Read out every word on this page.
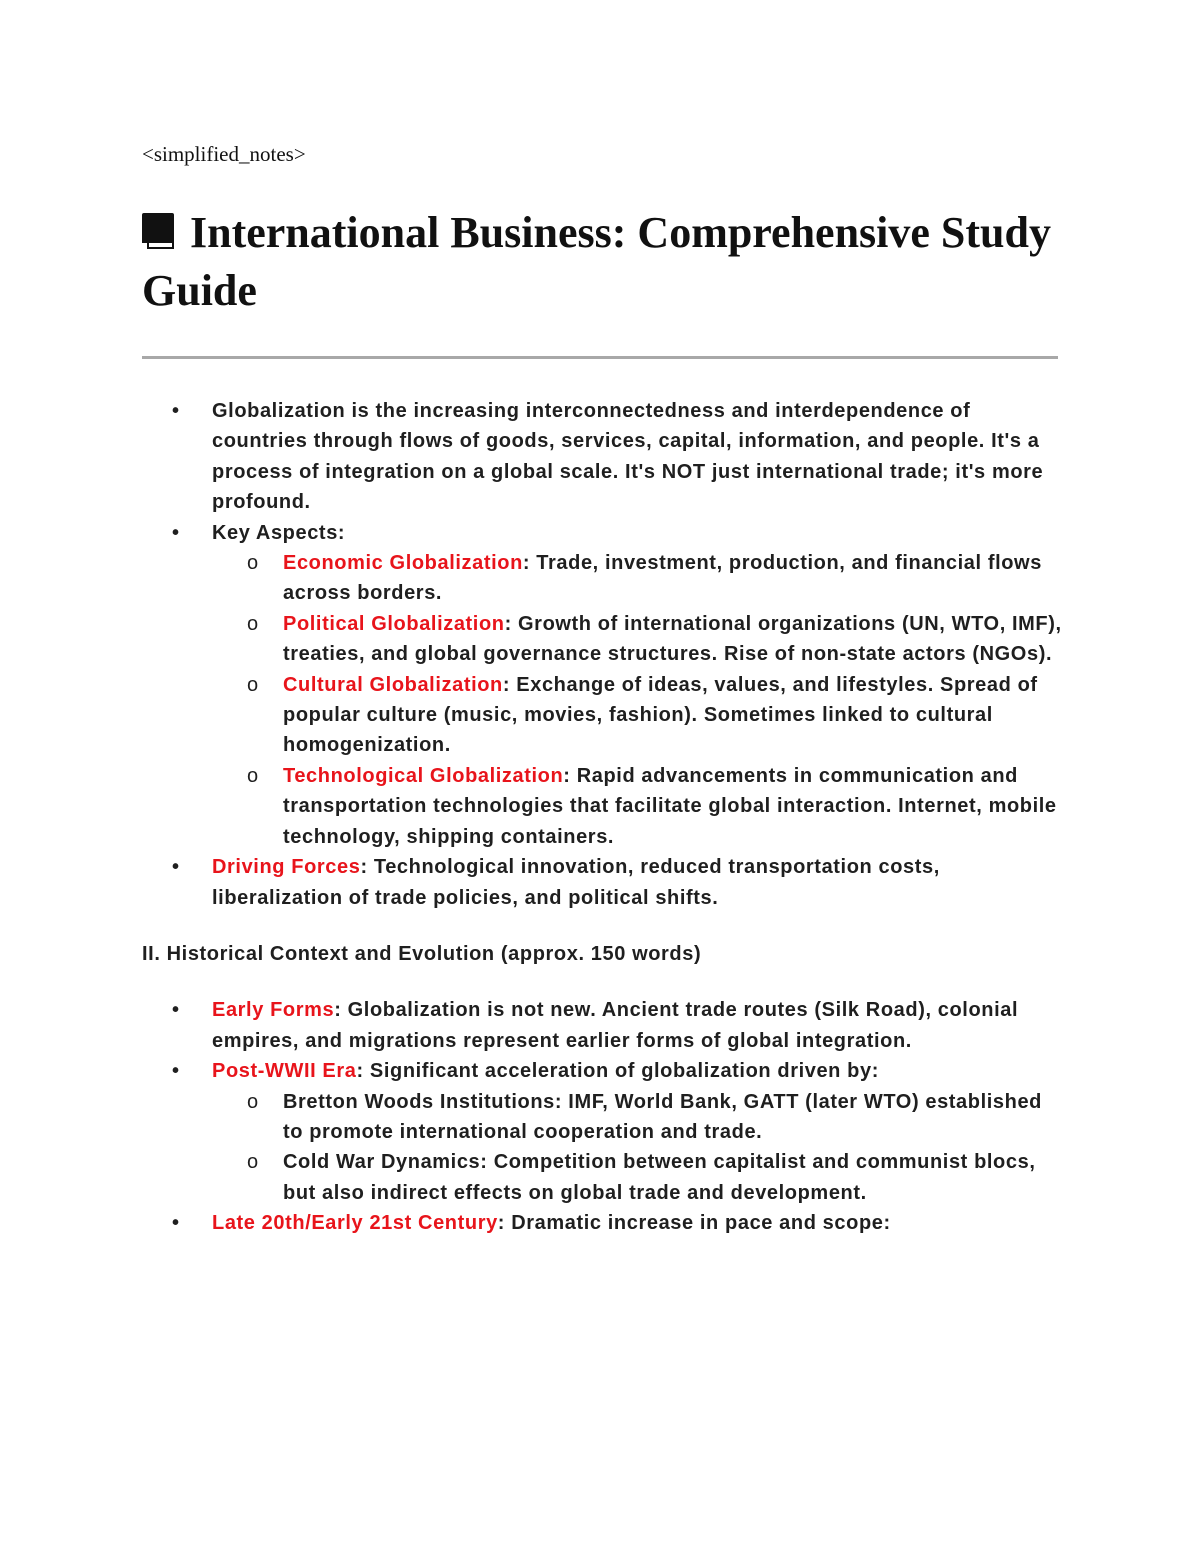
<simplified_notes>
International Business: Comprehensive Study Guide
• Globalization is the increasing interconnectedness and interdependence of countries through flows of goods, services, capital, information, and people. It's a process of integration on a global scale. It's NOT just international trade; it's more profound.
• Key Aspects:
o Economic Globalization: Trade, investment, production, and financial flows across borders.
o Political Globalization: Growth of international organizations (UN, WTO, IMF), treaties, and global governance structures. Rise of non-state actors (NGOs).
o Cultural Globalization: Exchange of ideas, values, and lifestyles. Spread of popular culture (music, movies, fashion). Sometimes linked to cultural homogenization.
o Technological Globalization: Rapid advancements in communication and transportation technologies that facilitate global interaction. Internet, mobile technology, shipping containers.
• Driving Forces: Technological innovation, reduced transportation costs, liberalization of trade policies, and political shifts.
II. Historical Context and Evolution (approx. 150 words)
• Early Forms: Globalization is not new. Ancient trade routes (Silk Road), colonial empires, and migrations represent earlier forms of global integration.
• Post-WWII Era: Significant acceleration of globalization driven by:
o Bretton Woods Institutions: IMF, World Bank, GATT (later WTO) established to promote international cooperation and trade.
o Cold War Dynamics: Competition between capitalist and communist blocs, but also indirect effects on global trade and development.
• Late 20th/Early 21st Century: Dramatic increase in pace and scope:
